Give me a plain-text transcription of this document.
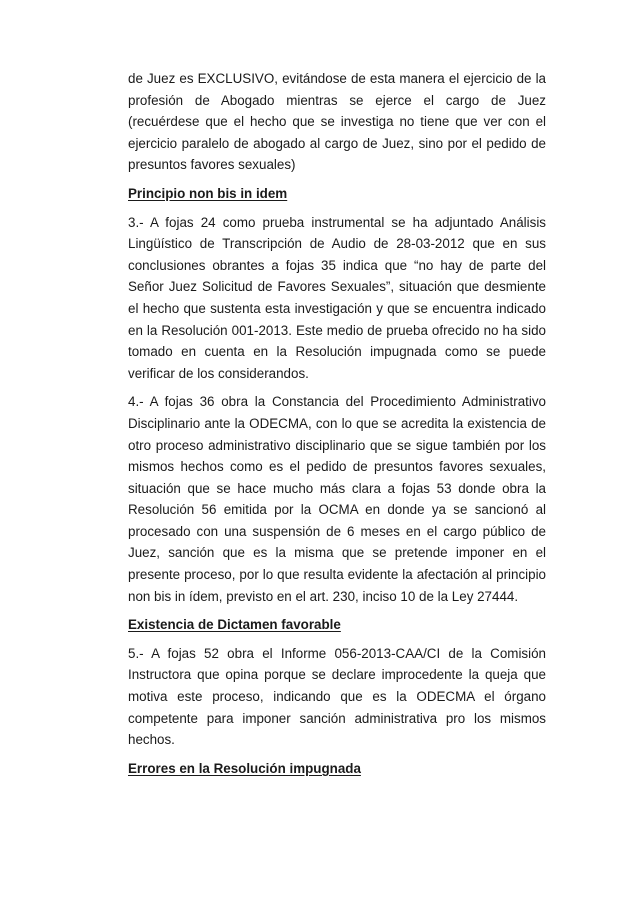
de Juez es EXCLUSIVO, evitándose de esta manera el ejercicio de la profesión de Abogado mientras se ejerce el cargo de Juez (recuérdese que el hecho que se investiga no tiene que ver con el ejercicio paralelo de abogado al cargo de Juez, sino por el pedido de presuntos favores sexuales)

Principio non bis in idem

3.- A fojas 24 como prueba instrumental se ha adjuntado Análisis Lingüístico de Transcripción de Audio de 28-03-2012 que en sus conclusiones obrantes a fojas 35 indica que “no hay de parte del Señor Juez Solicitud de Favores Sexuales”, situación que desmiente el hecho que sustenta esta investigación y que se encuentra indicado en la Resolución 001-2013. Este medio de prueba ofrecido no ha sido tomado en cuenta en la Resolución impugnada como se puede verificar de los considerandos.

4.- A fojas 36 obra la Constancia del Procedimiento Administrativo Disciplinario ante la ODECMA, con lo que se acredita la existencia de otro proceso administrativo disciplinario que se sigue también por los mismos hechos como es el pedido de presuntos favores sexuales, situación que se hace mucho más clara a fojas 53 donde obra la Resolución 56 emitida por la OCMA en donde ya se sancionó al procesado con una suspensión de 6 meses en el cargo público de Juez, sanción que es la misma que se pretende imponer en el presente proceso, por lo que resulta evidente la afectación al principio non bis in ídem, previsto en el art. 230, inciso 10 de la Ley 27444.

Existencia de Dictamen favorable

5.- A fojas 52 obra el Informe 056-2013-CAA/CI de la Comisión Instructora que opina porque se declare improcedente la queja que motiva este proceso, indicando que es la ODECMA el órgano competente para imponer sanción administrativa pro los mismos hechos.

Errores en la Resolución impugnada
